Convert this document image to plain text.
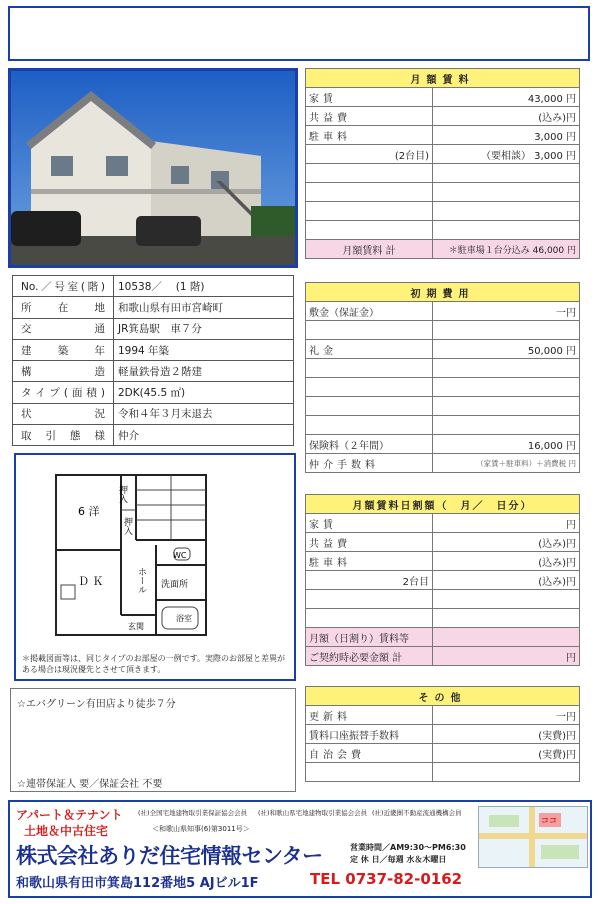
No.／号室(階)	10538／　 (1 階)
所在地	和歌山県有田市宮崎町
交通	JR箕島駅　車７分
建築年	1994 年築
構造	軽量鉄骨造２階建
タイプ(面積)	2DK(45.5 ㎡)
状況	令和４年３月末退去
取引態様	仲介
6 洋
Ｄ Ｋ
押入
押入
WC
ホール 洗面所
浴室
玄関
＊掲載図面等は、同じタイプのお部屋の一例です。実際のお部屋と差異がある場合は現況優先とさせて頂きます。
☆エバグリーン有田店より徒歩７分
☆連帯保証人 要／保証会社 不要
月額賃料	
家賃	43,000 円
共益費	(込み)円
駐車料	3,000 円
(2台目)	（要相談） 3,000 円

月額賃料 計	＊駐車場１台分込み 46,000 円
初期費用	
敷金（保証金）	一円

礼金	50,000 円

保険料（２年間）	16,000 円
仲介手数料	（家賃＋駐車料）＋消費税 円
月額賃料日割額（　月／　日分）	
家賃	円
共益費	(込み)円
駐車料	(込み)円
2台目	(込み)円

月額（日割り）賃料等	
ご契約時必要金額 計	円
その他	
更新料	一円
賃料口座振替手数料	(実費)円
自治会費	(実費)円

アパート＆テナント
土地＆中古住宅
(社)全国宅地建物取引業保証協会会員 (社)和歌山県宅地建物取引業協会会員 (社)近畿圏不動産流通機構会員
＜和歌山県知事(6)第3011号＞
株式会社ありだ住宅情報センター	営業時間／AM9:30～PM6:30
定 休 日／毎週 水＆木曜日
和歌山県有田市箕島112番地5 AJビル1F	TEL 0737-82-0162
ココ
